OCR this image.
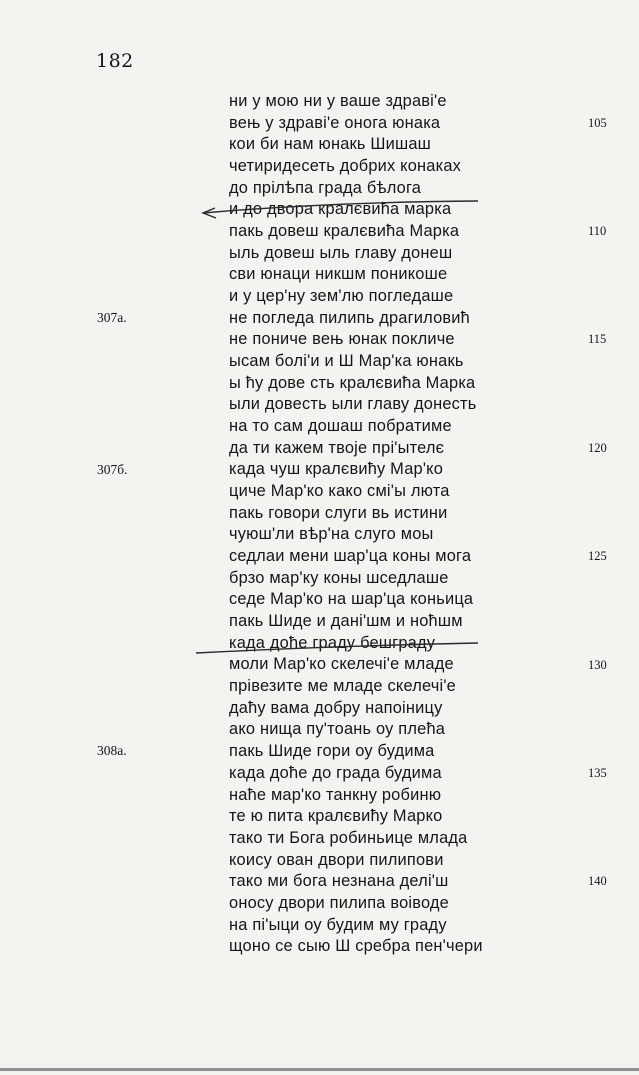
182
ни у мою ни у ваше здраві'е
вењ у здраві'е онога юнака
кои би нам юнакь Шишаш
четиридесеть добрих конаках
до прілѣпа града бѣлога
и до двора кралєвића марка
пакь довеш кралєвића Марка
ыль довеш ыль главу донеш
сви юнаци никшм поникоше
и у цер'ну зем'лю погледаше
не погледа пилипь драгиловић
не пониче вењ юнак покличе
ысам болі'и и Ш Мар'ка юнакь
ы ћу дове сть кралєвића Марка
ыли довесть ыли главу донесть
на то сам дошаш побратиме
да ти кажем твоје прі'ытелє
када чуш кралєвићу Мар'ко
циче Мар'ко како смі'ы люта
пакь говори слуги вь истини
чуюш'ли вѣр'на слуго моы
седлаи мени шар'ца коны мога
брзо мар'ку коны шседлаше
седе Мар'ко на шар'ца коньица
пакь Шиде и дані'шм и ноћшм
када доће граду бешграду
моли Мар'ко скелечі'е младе
прівезите ме младе скелечі'е
даћу вама добру напоіницу
ако нища пу'тоань оу плећа
пакь Шиде гори оу будима
када доће до града будима
наће мар'ко танкну робиню
те ю пита кралєвићу Марко
тако ти Бога робиньице млада
коису ован двори пилипови
тако ми бога незнана делі'ш
оносу двори пилипа воіводе
на пі'ыци оу будим му граду
щоно се сыю Ш сребра пен'чери
307a.
307б.
308a.
105
110
115
120
125
130
135
140
